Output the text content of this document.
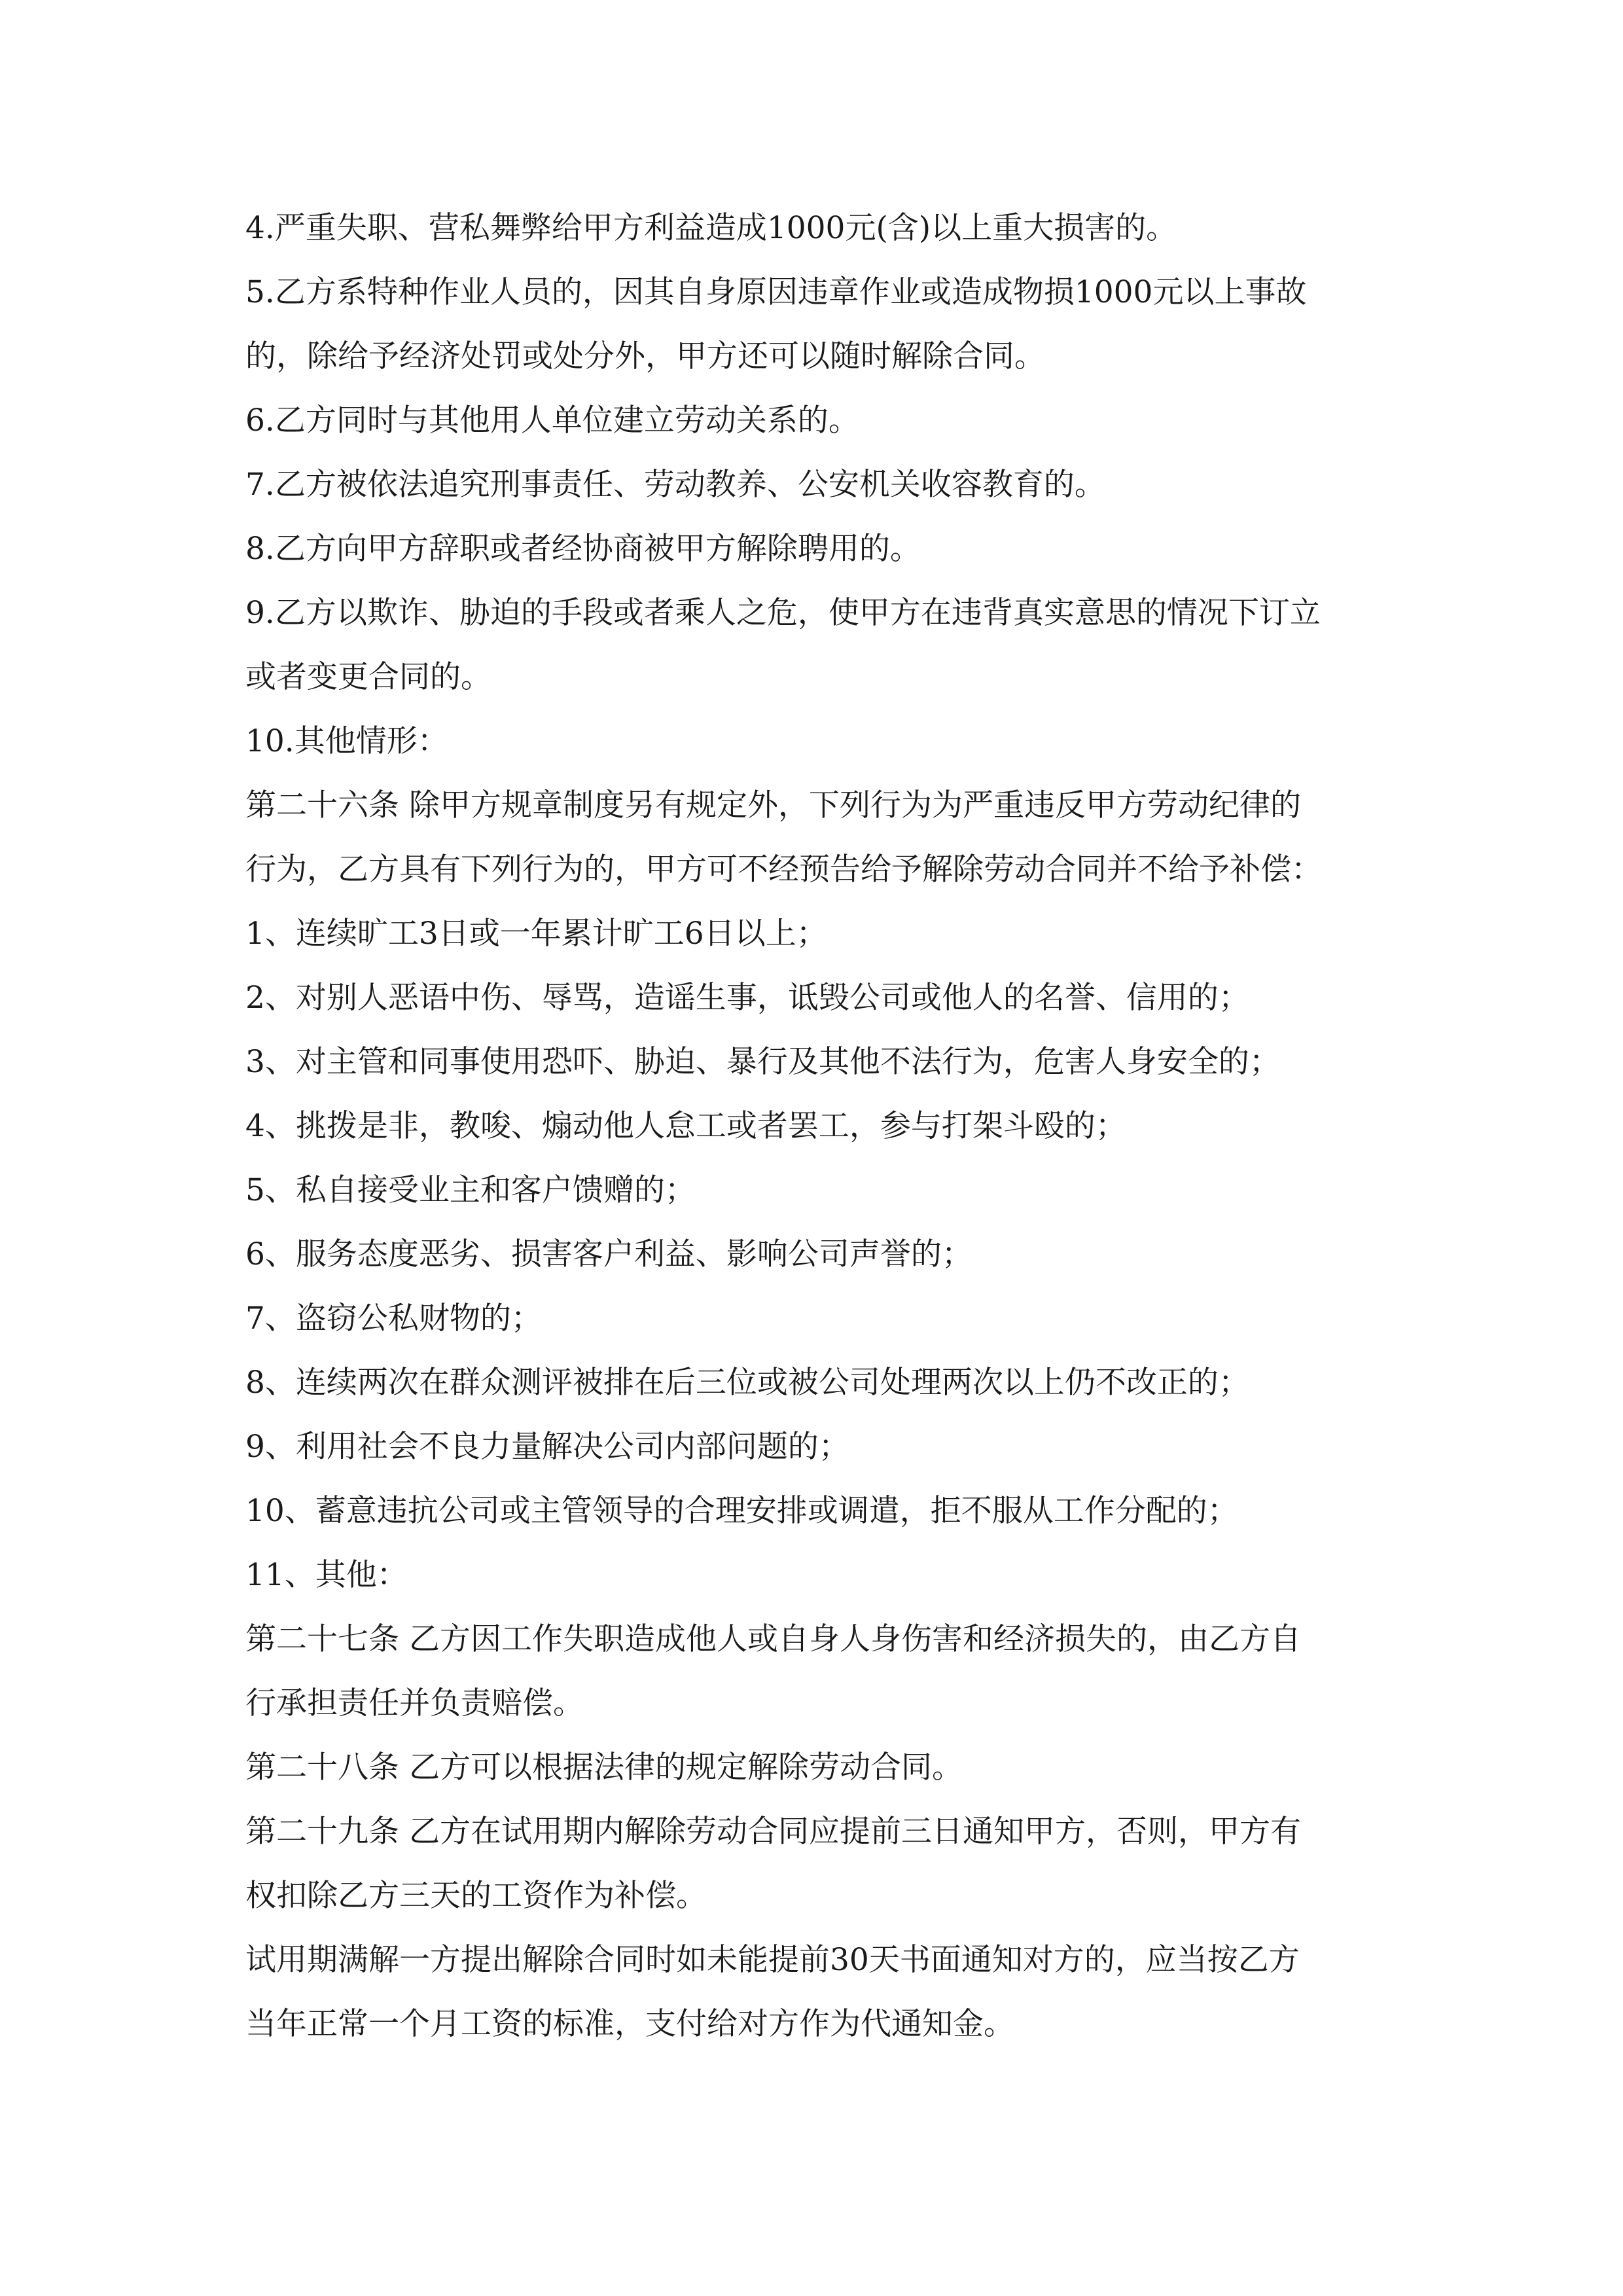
4.严重失职、营私舞弊给甲方利益造成1000元(含)以上重大损害的。
5.乙方系特种作业人员的，因其自身原因违章作业或造成物损1000元以上事故
的，除给予经济处罚或处分外，甲方还可以随时解除合同。
6.乙方同时与其他用人单位建立劳动关系的。
7.乙方被依法追究刑事责任、劳动教养、公安机关收容教育的。
8.乙方向甲方辞职或者经协商被甲方解除聘用的。
9.乙方以欺诈、胁迫的手段或者乘人之危，使甲方在违背真实意思的情况下订立
或者变更合同的。
10.其他情形：
第二十六条 除甲方规章制度另有规定外，下列行为为严重违反甲方劳动纪律的
行为，乙方具有下列行为的，甲方可不经预告给予解除劳动合同并不给予补偿：
1、连续旷工3日或一年累计旷工6日以上；
2、对别人恶语中伤、辱骂，造谣生事，诋毁公司或他人的名誉、信用的；
3、对主管和同事使用恐吓、胁迫、暴行及其他不法行为，危害人身安全的；
4、挑拨是非，教唆、煽动他人怠工或者罢工，参与打架斗殴的；
5、私自接受业主和客户馈赠的；
6、服务态度恶劣、损害客户利益、影响公司声誉的；
7、盗窃公私财物的；
8、连续两次在群众测评被排在后三位或被公司处理两次以上仍不改正的；
9、利用社会不良力量解决公司内部问题的；
10、蓄意违抗公司或主管领导的合理安排或调遣，拒不服从工作分配的；
11、其他：
第二十七条 乙方因工作失职造成他人或自身人身伤害和经济损失的，由乙方自
行承担责任并负责赔偿。
第二十八条 乙方可以根据法律的规定解除劳动合同。
第二十九条 乙方在试用期内解除劳动合同应提前三日通知甲方，否则，甲方有
权扣除乙方三天的工资作为补偿。
试用期满解一方提出解除合同时如未能提前30天书面通知对方的，应当按乙方
当年正常一个月工资的标准，支付给对方作为代通知金。
